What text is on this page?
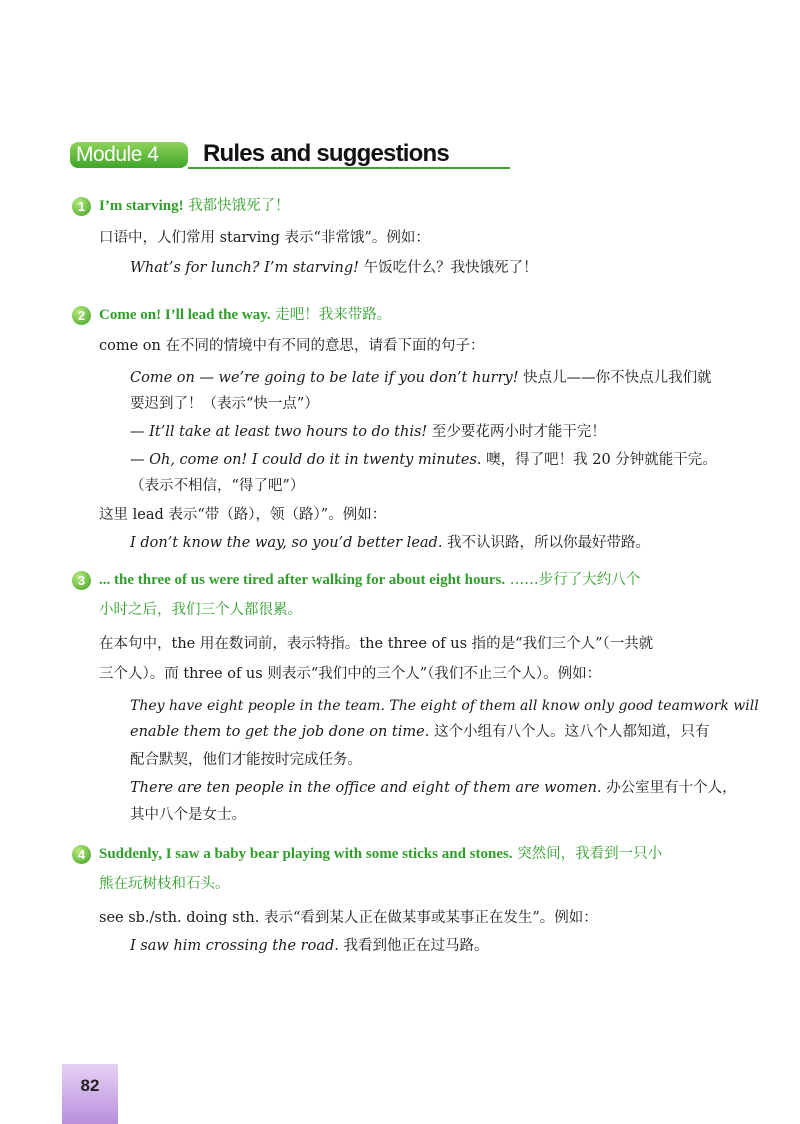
Module 4	Rules and suggestions
1 I’m starving! 我都快饿死了！
口语中，人们常用 starving 表示“非常饿”。例如：
What’s for lunch? I’m starving! 午饭吃什么？我快饿死了！
2 Come on! I’ll lead the way. 走吧！我来带路。
come on 在不同的情境中有不同的意思，请看下面的句子：
Come on — we’re going to be late if you don’t hurry! 快点儿——你不快点儿我们就
要迟到了！（表示“快一点”）
— It’ll take at least two hours to do this! 至少要花两小时才能干完！
— Oh, come on! I could do it in twenty minutes. 噢，得了吧！我 20 分钟就能干完。
（表示不相信，“得了吧”）
这里 lead 表示“带（路），领（路）”。例如：
I don’t know the way, so you’d better lead. 我不认识路，所以你最好带路。
3 ... the three of us were tired after walking for about eight hours. ……步行了大约八个
小时之后，我们三个人都很累。
在本句中，the 用在数词前，表示特指。the three of us 指的是“我们三个人”（一共就
三个人）。而 three of us 则表示“我们中的三个人”（我们不止三个人）。例如：
They have eight people in the team. The eight of them all know only good teamwork will
enable them to get the job done on time. 这个小组有八个人。这八个人都知道，只有
配合默契，他们才能按时完成任务。
There are ten people in the office and eight of them are women. 办公室里有十个人，
其中八个是女士。
4 Suddenly, I saw a baby bear playing with some sticks and stones. 突然间，我看到一只小
熊在玩树枝和石头。
see sb./sth. doing sth. 表示“看到某人正在做某事或某事正在发生”。例如：
I saw him crossing the road. 我看到他正在过马路。
82
